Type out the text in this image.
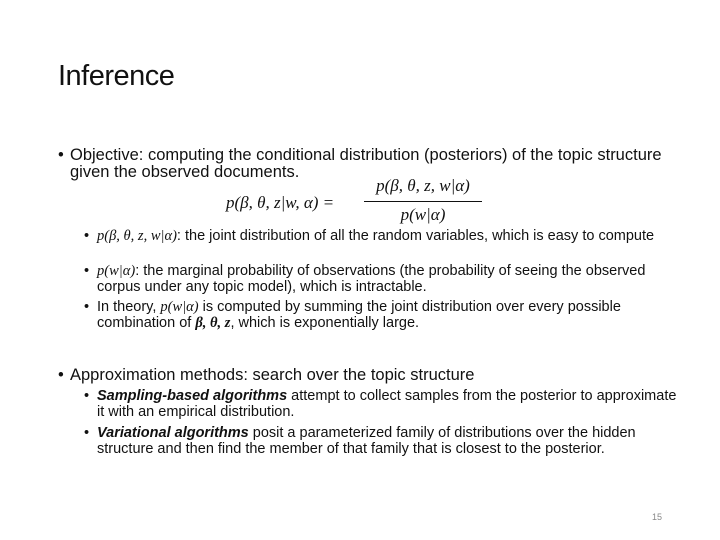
Inference
• Objective: computing the conditional distribution (posteriors) of the topic structure given the observed documents.
p(β, θ, z|w, α) =
p(β, θ, z, w|α)
p(w|α)
• p(β, θ, z, w|α): the joint distribution of all the random variables, which is easy to compute
• p(w|α): the marginal probability of observations (the probability of seeing the observed corpus under any topic model), which is intractable.
• In theory, p(w|α) is computed by summing the joint distribution over every possible combination of β, θ, z, which is exponentially large.
• Approximation methods: search over the topic structure
• Sampling-based algorithms attempt to collect samples from the posterior to approximate it with an empirical distribution.
• Variational algorithms posit a parameterized family of distributions over the hidden structure and then find the member of that family that is closest to the posterior.
15
